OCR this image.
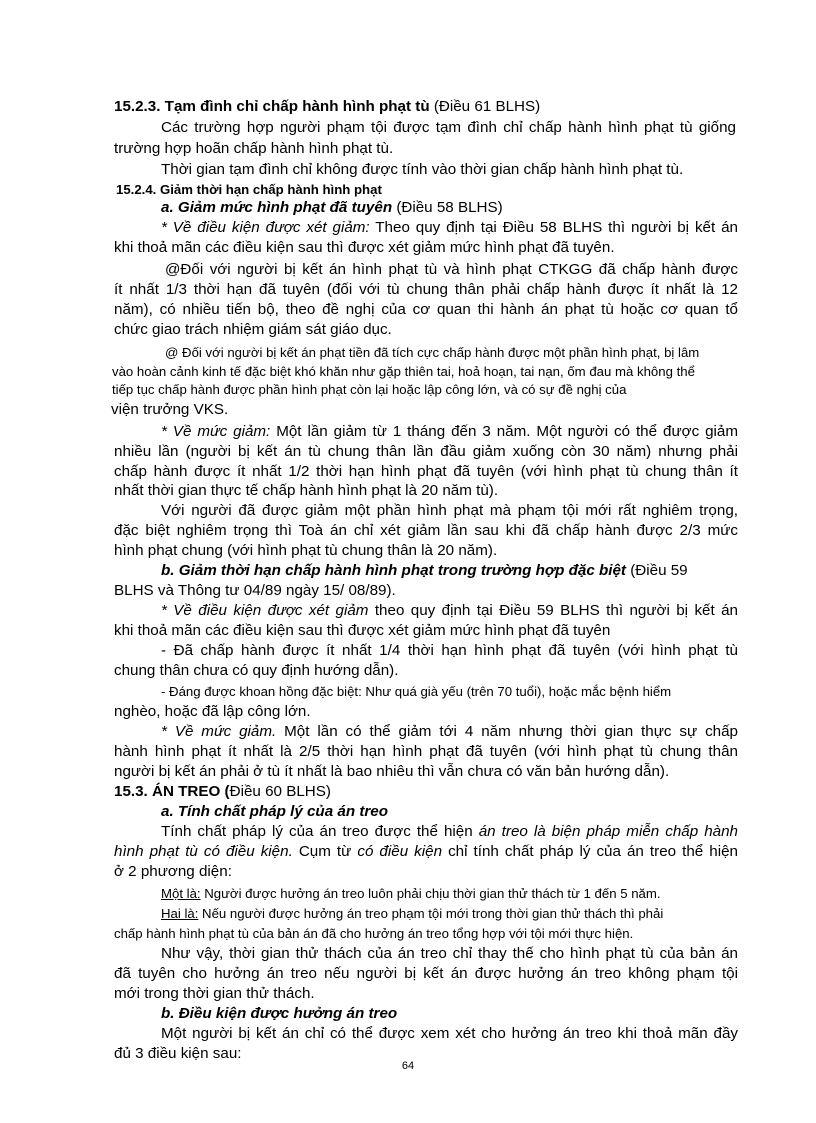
15.2.3. Tạm đình chỉ chấp hành hình phạt tù (Điều 61 BLHS)
Các trường hợp người phạm tội được tạm đình chỉ chấp hành hình phạt tù giống
trường hợp hoãn chấp hành hình phạt tù.
Thời gian tạm đình chỉ không được tính vào thời gian chấp hành hình phạt tù.
15.2.4. Giảm thời hạn chấp hành hình phạt
a. Giảm mức hình phạt đã tuyên (Điều 58 BLHS)
* Về điều kiện được xét giảm: Theo quy định tại Điều 58 BLHS thì người bị kết án
khi thoả mãn các điều kiện sau thì được xét giảm mức hình phạt đã tuyên.
@Đối với người bị kết án hình phạt tù và hình phạt CTKGG đã chấp hành được
ít nhất 1/3 thời hạn đã tuyên (đối với tù chung thân phải chấp hành được ít nhất là 12
năm), có nhiều tiến bộ, theo đề nghị của cơ quan thi hành án phạt tù hoặc cơ quan tổ
chức giao trách nhiệm giám sát giáo dục.
@ Đối với người bị kết án phạt tiền đã tích cực chấp hành được một phần hình phạt, bị lâm
vào hoàn cảnh kinh tế đặc biệt khó khăn như gặp thiên tai, hoả hoạn, tai nạn, ốm đau mà không thể
tiếp tục chấp hành được phần hình phạt còn lại hoặc lập công lớn, và có sự đề nghị của
viện trưởng VKS.
* Về mức giảm: Một lần giảm từ 1 tháng đến 3 năm. Một người có thể được giảm
nhiều lần (người bị kết án tù chung thân lần đầu giảm xuống còn 30 năm) nhưng phải
chấp hành được ít nhất 1/2 thời hạn hình phạt đã tuyên (với hình phạt tù chung thân ít
nhất thời gian thực tế chấp hành hình phạt là 20 năm tù).
Với người đã được giảm một phần hình phạt mà phạm tội mới rất nghiêm trọng,
đặc biệt nghiêm trọng thì Toà án chỉ xét giảm lần sau khi đã chấp hành được 2/3 mức
hình phạt chung (với hình phạt tù chung thân là 20 năm).
b. Giảm thời hạn chấp hành hình phạt trong trường hợp đặc biệt (Điều 59
BLHS và Thông tư 04/89 ngày 15/ 08/89).
* Về điều kiện được xét giảm theo quy định tại Điều 59 BLHS thì người bị kết án
khi thoả mãn các điều kiện sau thì được xét giảm mức hình phạt đã tuyên
- Đã chấp hành được ít nhất 1/4 thời hạn hình phạt đã tuyên (với hình phạt tù
chung thân chưa có quy định hướng dẫn).
- Đáng được khoan hồng đặc biệt: Như quá già yếu (trên 70 tuổi), hoặc mắc bệnh hiểm
nghèo, hoặc đã lập công lớn.
* Về mức giảm. Một lần có thể giảm tới 4 năm nhưng thời gian thực sự chấp
hành hình phạt ít nhất là 2/5 thời hạn hình phạt đã tuyên (với hình phạt tù chung thân
người bị kết án phải ở tù ít nhất là bao nhiêu thì vẫn chưa có văn bản hướng dẫn).
15.3. ÁN TREO (Điều 60 BLHS)
a. Tính chất pháp lý của án treo
Tính chất pháp lý của án treo được thể hiện án treo là biện pháp miễn chấp hành
hình phạt tù có điều kiện. Cụm từ có điều kiện chỉ tính chất pháp lý của án treo thể hiện
ở 2 phương diện:
Một là: Người được hưởng án treo luôn phải chịu thời gian thử thách từ 1 đến 5 năm.
Hai là: Nếu người được hưởng án treo phạm tội mới trong thời gian thử thách thì phải
chấp hành hình phạt tù của bản án đã cho hưởng án treo tổng hợp với tội mới thực hiện.
Như vậy, thời gian thử thách của án treo chỉ thay thế cho hình phạt tù của bản án
đã tuyên cho hưởng án treo nếu người bị kết án được hưởng án treo không phạm tội
mới trong thời gian thử thách.
b. Điều kiện được hưởng án treo
Một người bị kết án chỉ có thể được xem xét cho hưởng án treo khi thoả mãn đầy
đủ 3 điều kiện sau:
64
